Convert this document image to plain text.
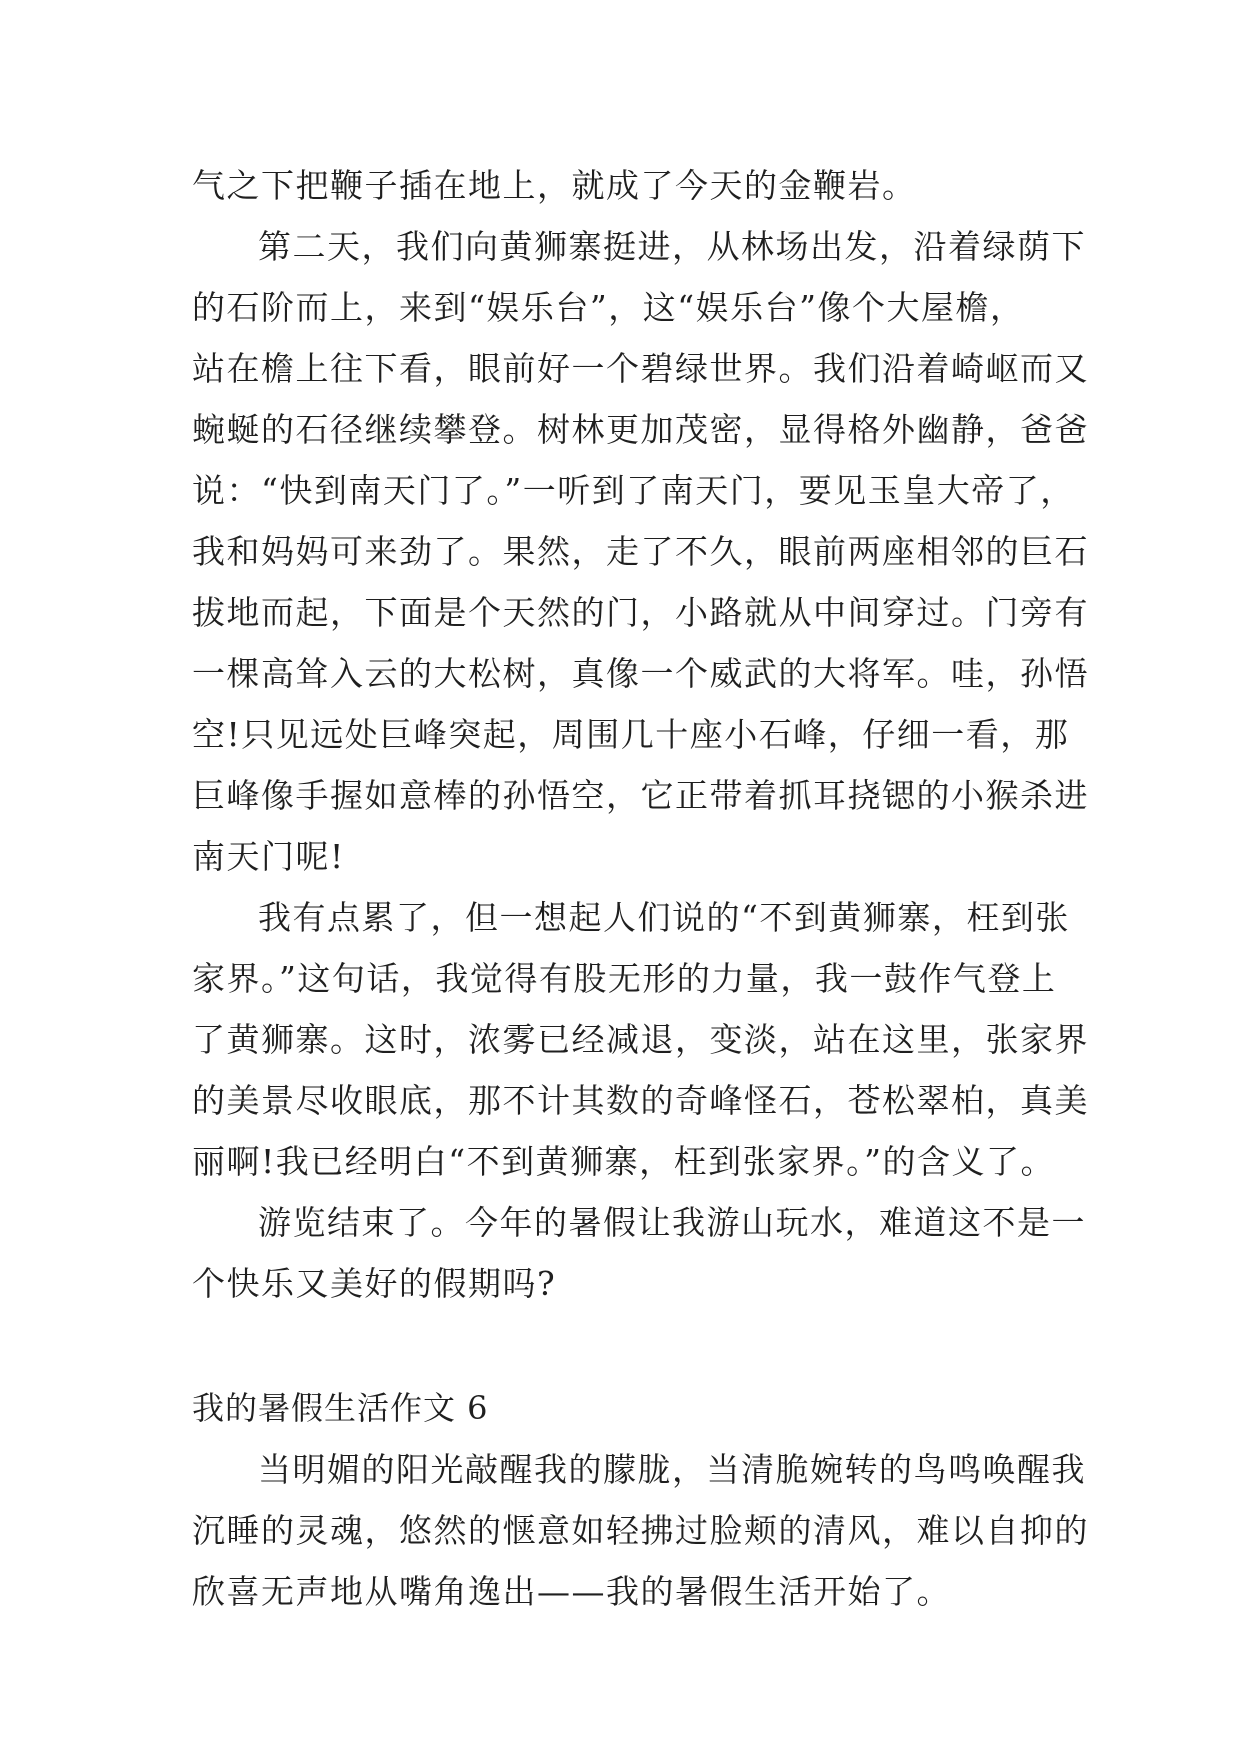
气之下把鞭子插在地上，就成了今天的金鞭岩。
第二天，我们向黄狮寨挺进，从林场出发，沿着绿荫下
的石阶而上，来到“娱乐台”，这“娱乐台”像个大屋檐，
站在檐上往下看，眼前好一个碧绿世界。我们沿着崎岖而又
蜿蜒的石径继续攀登。树林更加茂密，显得格外幽静，爸爸
说：“快到南天门了。”一听到了南天门，要见玉皇大帝了，
我和妈妈可来劲了。果然，走了不久，眼前两座相邻的巨石
拔地而起，下面是个天然的门，小路就从中间穿过。门旁有
一棵高耸入云的大松树，真像一个威武的大将军。哇，孙悟
空!只见远处巨峰突起，周围几十座小石峰，仔细一看，那
巨峰像手握如意棒的孙悟空，它正带着抓耳挠锶的小猴杀进
南天门呢!
我有点累了，但一想起人们说的“不到黄狮寨，枉到张
家界。”这句话，我觉得有股无形的力量，我一鼓作气登上
了黄狮寨。这时，浓雾已经减退，变淡，站在这里，张家界
的美景尽收眼底，那不计其数的奇峰怪石，苍松翠柏，真美
丽啊!我已经明白“不到黄狮寨，枉到张家界。”的含义了。
游览结束了。今年的暑假让我游山玩水，难道这不是一
个快乐又美好的假期吗?
我的暑假生活作文 6
当明媚的阳光敲醒我的朦胧，当清脆婉转的鸟鸣唤醒我
沉睡的灵魂，悠然的惬意如轻拂过脸颊的清风，难以自抑的
欣喜无声地从嘴角逸出——我的暑假生活开始了。
